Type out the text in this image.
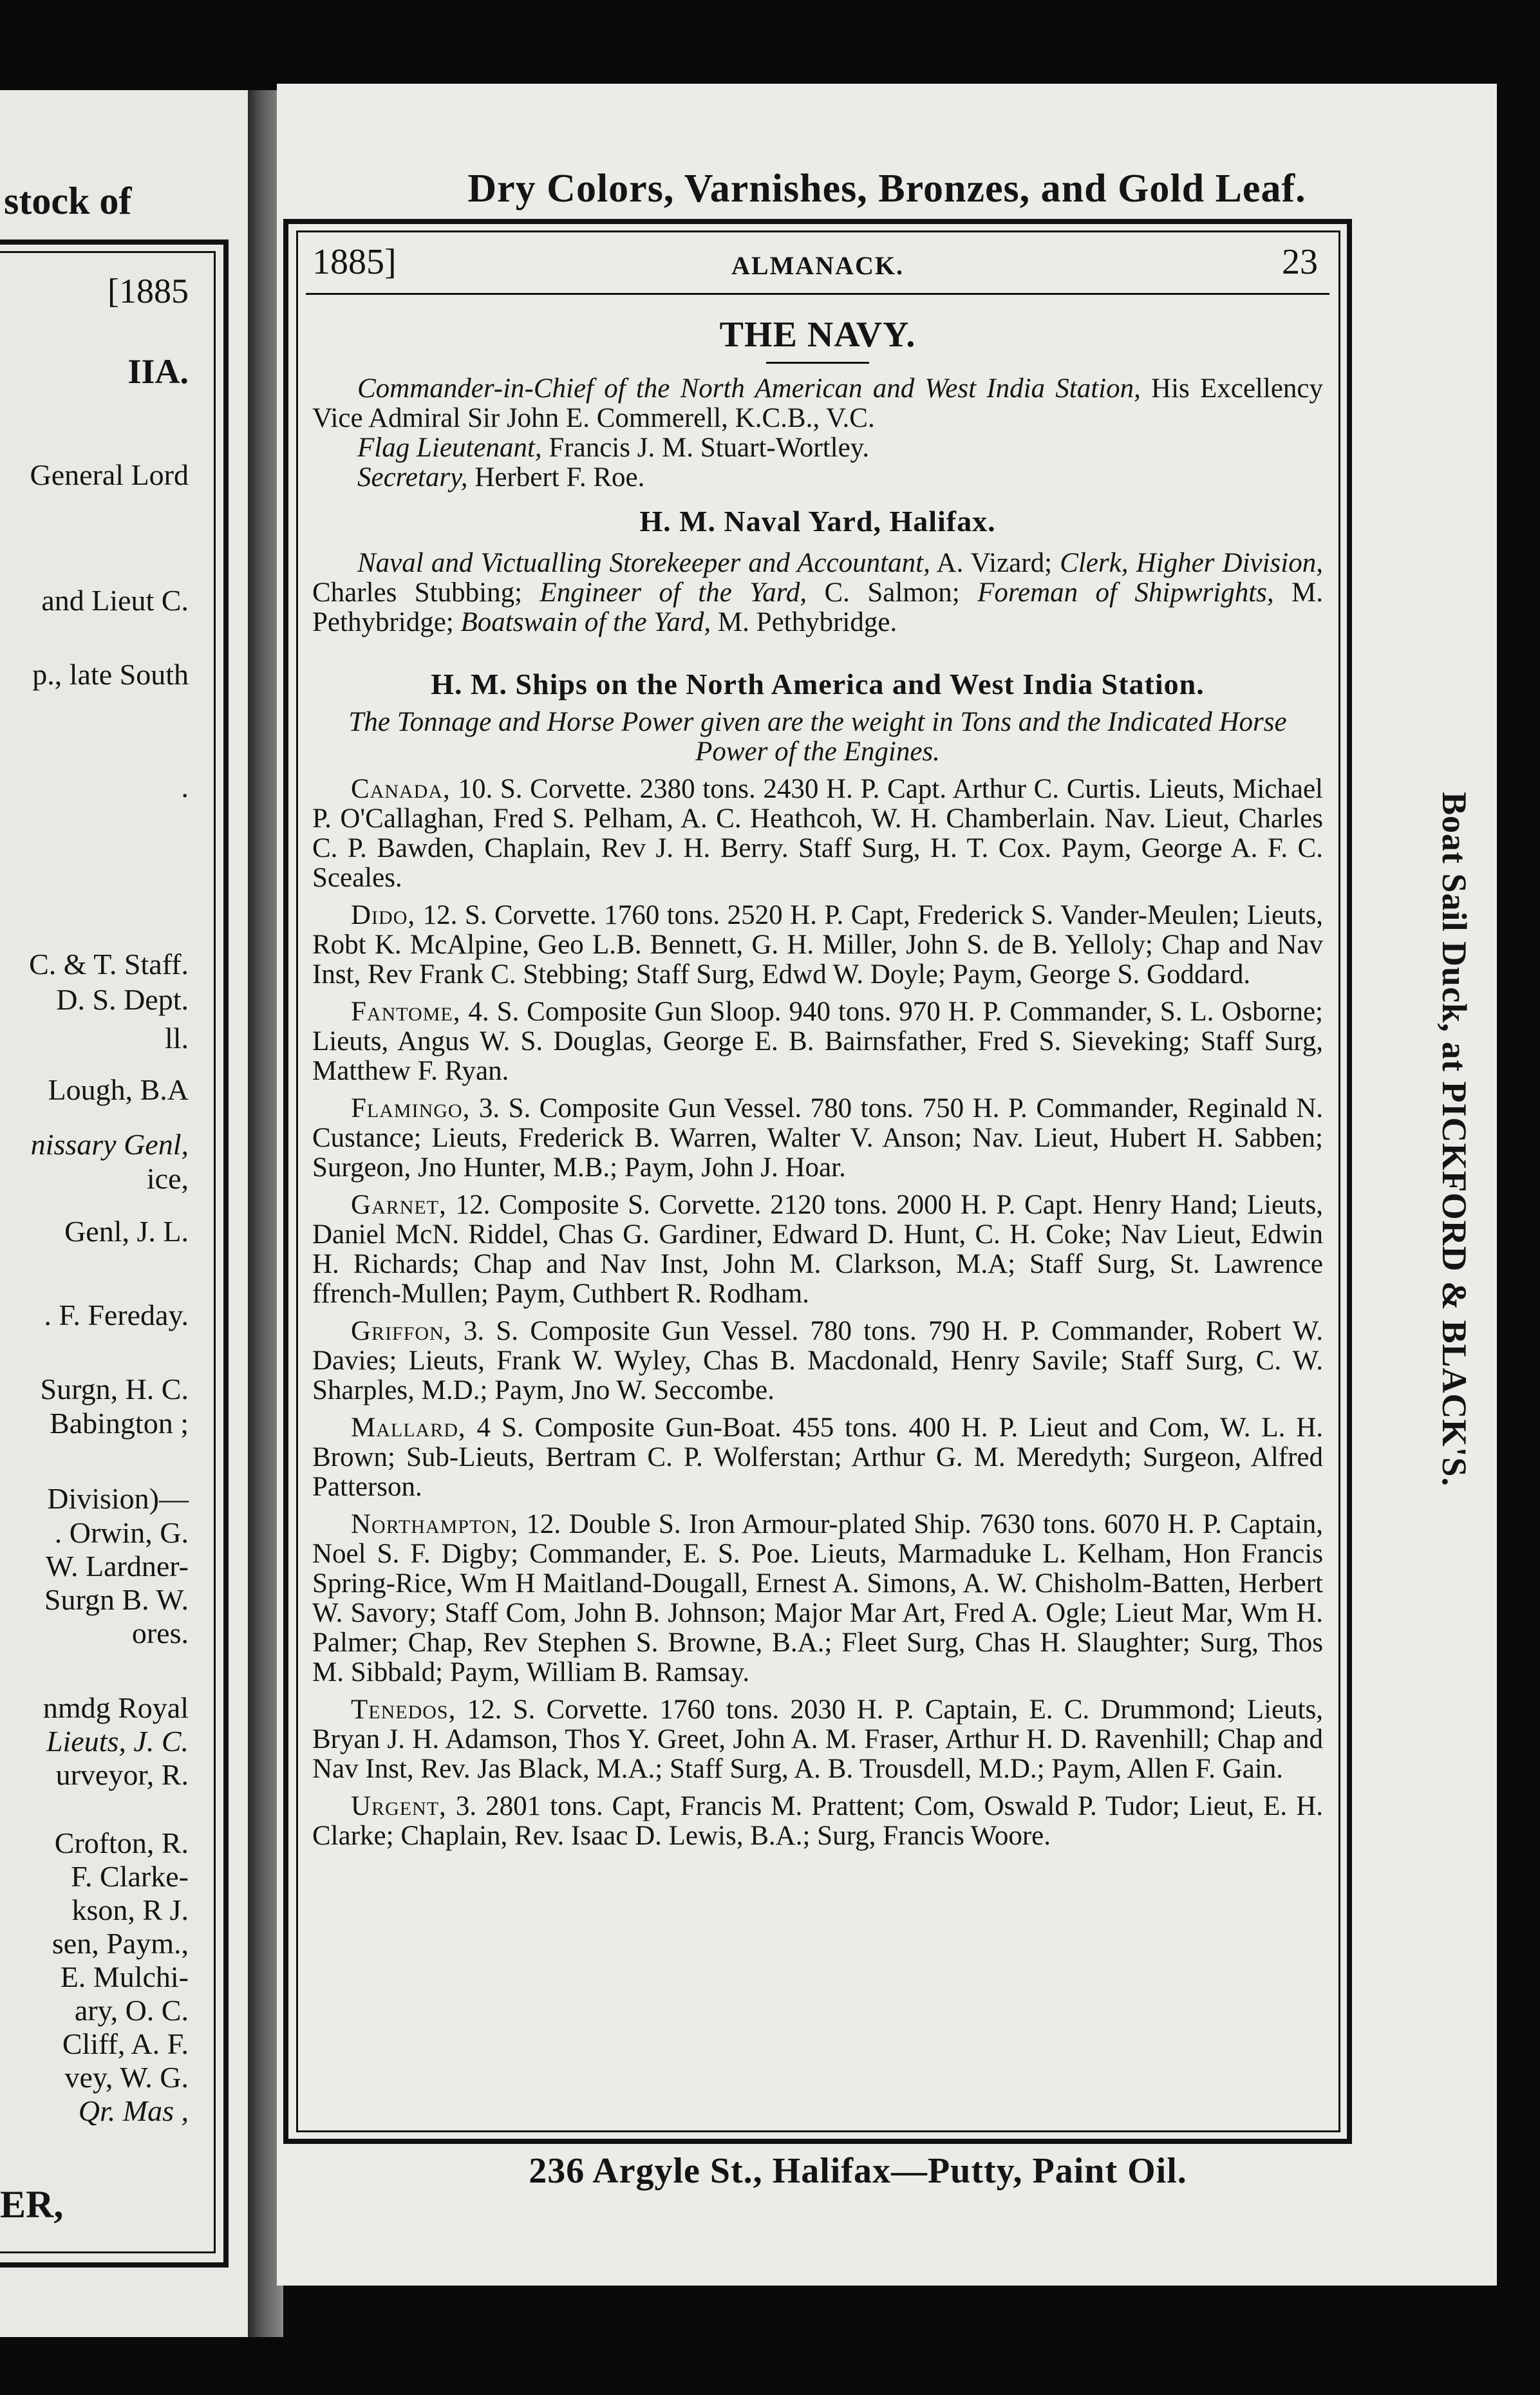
stock of
[1885
IIA.
General Lord
and Lieut C.
p., late South
.
C. & T. Staff.
D. S. Dept.
ll.
Lough, B.A
nissary Genl,
ice,
Genl, J. L.
. F. Fereday.
Surgn, H. C.
Babington ;
Division)—
. Orwin, G.
W. Lardner-
Surgn B. W.
ores.
nmdg Royal
Lieuts, J. C.
urveyor, R.
Crofton, R.
F. Clarke-
kson, R J.
sen, Paym.,
E. Mulchi-
ary, O. C.
Cliff, A. F.
vey, W. G.
Qr. Mas ,
ER,
Dry Colors, Varnishes, Bronzes, and Gold Leaf.
1885]	ALMANACK.	23
THE NAVY.

Commander-in-Chief of the North American and West India Station, His Excellency Vice Admiral Sir John E. Commerell, K.C.B., V.C.

Flag Lieutenant, Francis J. M. Stuart-Wortley.

Secretary, Herbert F. Roe.

H. M. Naval Yard, Halifax.

Naval and Victualling Storekeeper and Accountant, A. Vizard; Clerk, Higher Division, Charles Stubbing; Engineer of the Yard, C. Salmon; Foreman of Shipwrights, M. Pethybridge; Boatswain of the Yard, M. Pethybridge.

H. M. Ships on the North America and West India Station.

The Tonnage and Horse Power given are the weight in Tons and the Indicated Horse Power of the Engines.

Canada, 10. S. Corvette. 2380 tons. 2430 H. P. Capt. Arthur C. Curtis. Lieuts, Michael P. O'Callaghan, Fred S. Pelham, A. C. Heathcoh, W. H. Chamberlain. Nav. Lieut, Charles C. P. Bawden, Chaplain, Rev J. H. Berry. Staff Surg, H. T. Cox. Paym, George A. F. C. Sceales.

Dido, 12. S. Corvette. 1760 tons. 2520 H. P. Capt, Frederick S. Vander-Meulen; Lieuts, Robt K. McAlpine, Geo L.B. Bennett, G. H. Miller, John S. de B. Yelloly; Chap and Nav Inst, Rev Frank C. Stebbing; Staff Surg, Edwd W. Doyle; Paym, George S. Goddard.

Fantome, 4. S. Composite Gun Sloop. 940 tons. 970 H. P. Commander, S. L. Osborne; Lieuts, Angus W. S. Douglas, George E. B. Bairnsfather, Fred S. Sieveking; Staff Surg, Matthew F. Ryan.

Flamingo, 3. S. Composite Gun Vessel. 780 tons. 750 H. P. Commander, Reginald N. Custance; Lieuts, Frederick B. Warren, Walter V. Anson; Nav. Lieut, Hubert H. Sabben; Surgeon, Jno Hunter, M.B.; Paym, John J. Hoar.

Garnet, 12. Composite S. Corvette. 2120 tons. 2000 H. P. Capt. Henry Hand; Lieuts, Daniel McN. Riddel, Chas G. Gardiner, Edward D. Hunt, C. H. Coke; Nav Lieut, Edwin H. Richards; Chap and Nav Inst, John M. Clarkson, M.A; Staff Surg, St. Lawrence ffrench-Mullen; Paym, Cuthbert R. Rodham.

Griffon, 3. S. Composite Gun Vessel. 780 tons. 790 H. P. Commander, Robert W. Davies; Lieuts, Frank W. Wyley, Chas B. Macdonald, Henry Savile; Staff Surg, C. W. Sharples, M.D.; Paym, Jno W. Seccombe.

Mallard, 4 S. Composite Gun-Boat. 455 tons. 400 H. P. Lieut and Com, W. L. H. Brown; Sub-Lieuts, Bertram C. P. Wolferstan; Arthur G. M. Meredyth; Surgeon, Alfred Patterson.

Northampton, 12. Double S. Iron Armour-plated Ship. 7630 tons. 6070 H. P. Captain, Noel S. F. Digby; Commander, E. S. Poe. Lieuts, Marmaduke L. Kelham, Hon Francis Spring-Rice, Wm H Maitland-Dougall, Ernest A. Simons, A. W. Chisholm-Batten, Herbert W. Savory; Staff Com, John B. Johnson; Major Mar Art, Fred A. Ogle; Lieut Mar, Wm H. Palmer; Chap, Rev Stephen S. Browne, B.A.; Fleet Surg, Chas H. Slaughter; Surg, Thos M. Sibbald; Paym, William B. Ramsay.

Tenedos, 12. S. Corvette. 1760 tons. 2030 H. P. Captain, E. C. Drummond; Lieuts, Bryan J. H. Adamson, Thos Y. Greet, John A. M. Fraser, Arthur H. D. Ravenhill; Chap and Nav Inst, Rev. Jas Black, M.A.; Staff Surg, A. B. Trousdell, M.D.; Paym, Allen F. Gain.

Urgent, 3. 2801 tons. Capt, Francis M. Prattent; Com, Oswald P. Tudor; Lieut, E. H. Clarke; Chaplain, Rev. Isaac D. Lewis, B.A.; Surg, Francis Woore.

Boat Sail Duck, at PICKFORD & BLACK'S.
236 Argyle St., Halifax—Putty, Paint Oil.
